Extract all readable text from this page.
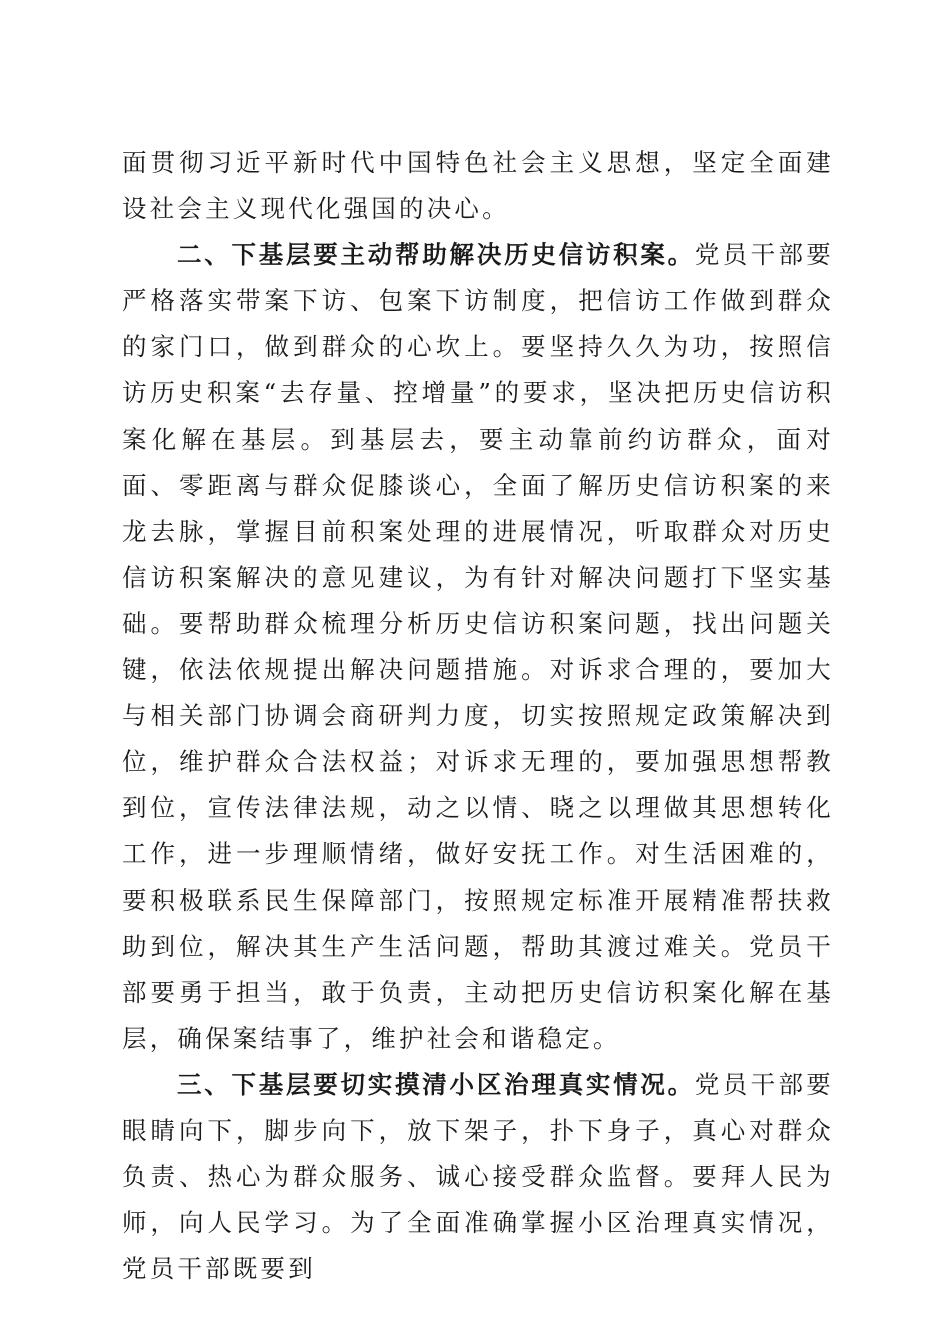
面贯彻习近平新时代中国特色社会主义思想，坚定全面建设社会主义现代化强国的决心。

二、下基层要主动帮助解决历史信访积案。党员干部要严格落实带案下访、包案下访制度，把信访工作做到群众的家门口，做到群众的心坎上。要坚持久久为功，按照信访历史积案“去存量、控增量”的要求，坚决把历史信访积案化解在基层。到基层去，要主动靠前约访群众，面对面、零距离与群众促膝谈心，全面了解历史信访积案的来龙去脉，掌握目前积案处理的进展情况，听取群众对历史信访积案解决的意见建议，为有针对解决问题打下坚实基础。要帮助群众梳理分析历史信访积案问题，找出问题关键，依法依规提出解决问题措施。对诉求合理的，要加大与相关部门协调会商研判力度，切实按照规定政策解决到位，维护群众合法权益；对诉求无理的，要加强思想帮教到位，宣传法律法规，动之以情、晓之以理做其思想转化工作，进一步理顺情绪，做好安抚工作。对生活困难的，要积极联系民生保障部门，按照规定标准开展精准帮扶救助到位，解决其生产生活问题，帮助其渡过难关。党员干部要勇于担当，敢于负责，主动把历史信访积案化解在基层，确保案结事了，维护社会和谐稳定。

三、下基层要切实摸清小区治理真实情况。党员干部要眼睛向下，脚步向下，放下架子，扑下身子，真心对群众负责、热心为群众服务、诚心接受群众监督。要拜人民为师，向人民学习。为了全面准确掌握小区治理真实情况，党员干部既要到
